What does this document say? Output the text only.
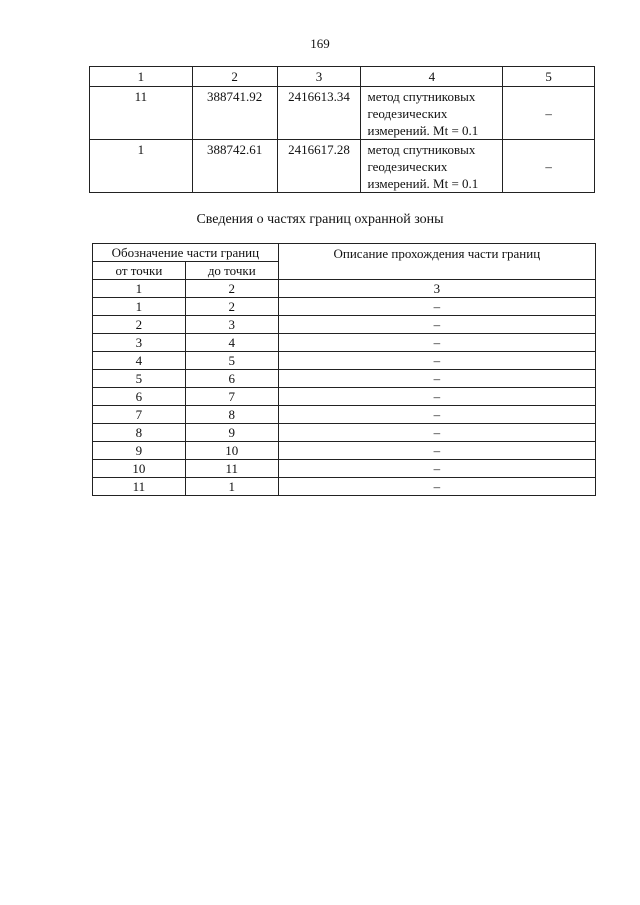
169
1	2	3	4	5
11	388741.92	2416613.34	метод спутниковых
геодезических
измерений. Mt = 0.1	–
1	388742.61	2416617.28	метод спутниковых
геодезических
измерений. Mt = 0.1	–
Сведения о частях границ охранной зоны
Обозначение части границ		Описание прохождения части границ
от точки	до точки	
1	2	3
1	2	–
2	3	–
3	4	–
4	5	–
5	6	–
6	7	–
7	8	–
8	9	–
9	10	–
10	11	–
11	1	–
